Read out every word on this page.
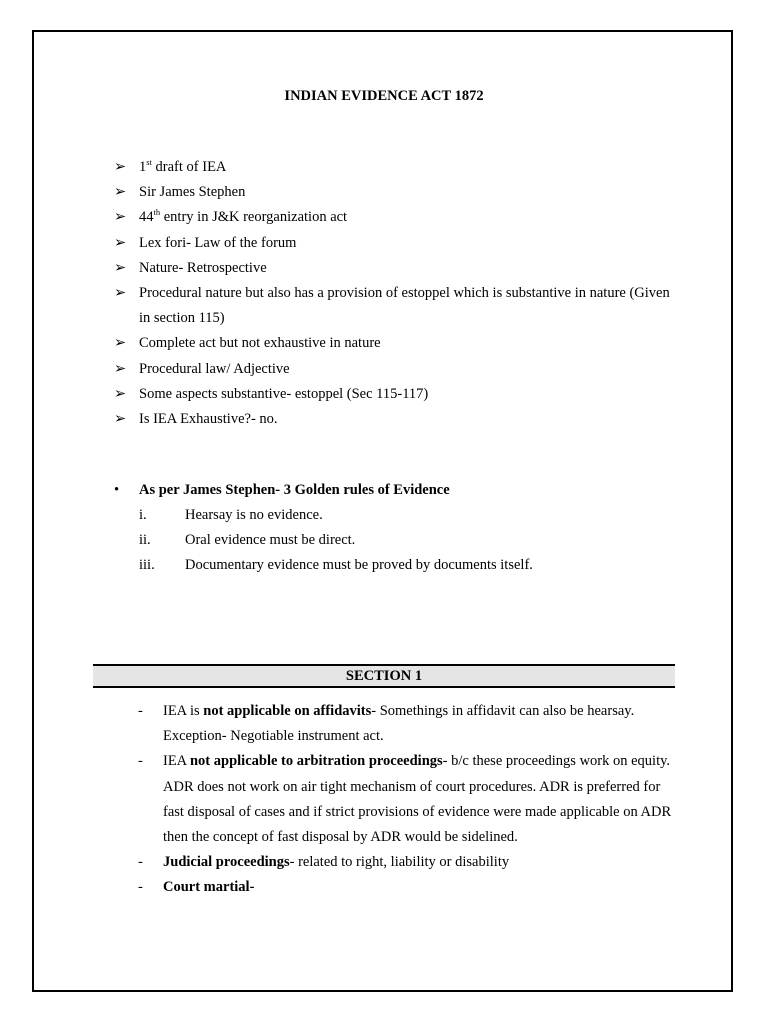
INDIAN EVIDENCE ACT 1872
➢ 1st draft of IEA
➢ Sir James Stephen
➢ 44th entry in J&K reorganization act
➢ Lex fori- Law of the forum
➢ Nature- Retrospective
➢ Procedural nature but also has a provision of estoppel which is substantive in nature (Given in section 115)
➢ Complete act but not exhaustive in nature
➢ Procedural law/ Adjective
➢ Some aspects substantive- estoppel (Sec 115-117)
➢ Is IEA Exhaustive?- no.
• As per James Stephen- 3 Golden rules of Evidence
i.	Hearsay is no evidence.
ii. Oral evidence must be direct.
iii. Documentary evidence must be proved by documents itself.
SECTION 1
- IEA is not applicable on affidavits- Somethings in affidavit can also be hearsay. Exception- Negotiable instrument act.
- IEA not applicable to arbitration proceedings- b/c these proceedings work on equity. ADR does not work on air tight mechanism of court procedures. ADR is preferred for fast disposal of cases and if strict provisions of evidence were made applicable on ADR then the concept of fast disposal by ADR would be sidelined.
- Judicial proceedings- related to right, liability or disability
- Court martial-
